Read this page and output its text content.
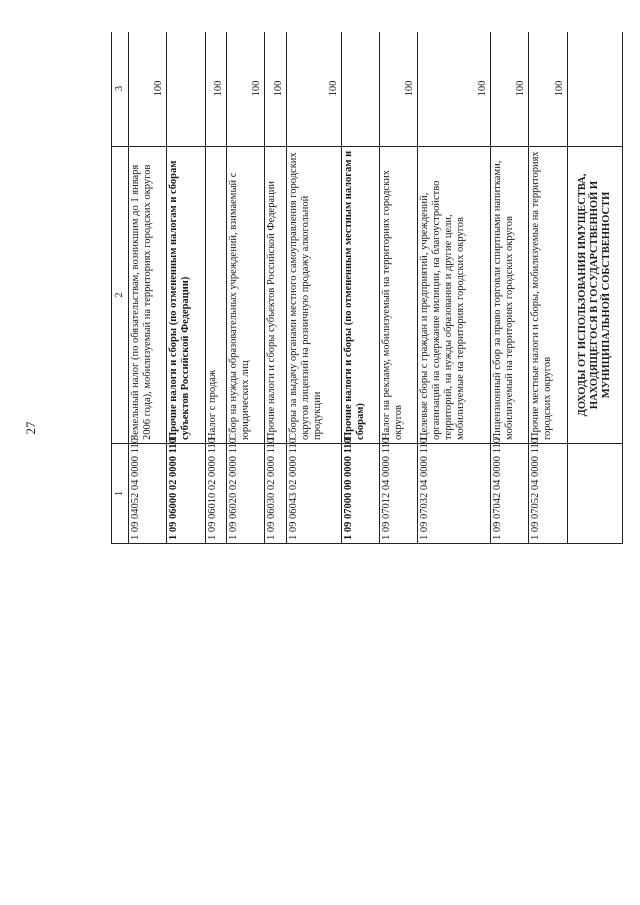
27
1	2	3			
1 09 04052 04 0000 110	Земельный налог (по обязательствам, возникшим до 1 января 2006 года), мобилизуемый на территориях городских округов	100			
1 09 06000 02 0000 110	Прочие налоги и сборы (по отмененным налогам и сборам субъектов Российской Федерации)				
1 09 06010 02 0000 110	Налог с продаж	100			
1 09 06020 02 0000 110	Сбор на нужды образовательных учреждений, взимаемый с юридических лиц	100			
1 09 06030 02 0000 110	Прочие налоги и сборы субъектов Российской Федерации	100			
1 09 06043 02 0000 110	Сборы за выдачу органами местного самоуправления городских округов лицензий на розничную продажу алкогольной продукции	100			
1 09 07000 00 0000 110	Прочие налоги и сборы (по отмененным местным налогам и сборам)				
1 09 07012 04 0000 110	Налог на рекламу, мобилизуемый на территориях городских округов	100			
1 09 07032 04 0000 110	Целевые сборы с граждан и предприятий, учреждений, организаций на содержание милиции, на благоустройство территорий, на нужды образования и другие цели, мобилизуемые на территориях городских округов	100			
1 09 07042 04 0000 110	Лицензионный сбор за право торговли спиртными напитками, мобилизуемый на территориях городских округов	100			
1 09 07052 04 0000 110	Прочие местные налоги и сборы, мобилизуемые на территориях городских округов	100			
	ДОХОДЫ ОТ ИСПОЛЬЗОВАНИЯ ИМУЩЕСТВА, НАХОДЯЩЕГОСЯ В ГОСУДАРСТВЕННОЙ И МУНИЦИПАЛЬНОЙ СОБСТВЕННОСТИ				
